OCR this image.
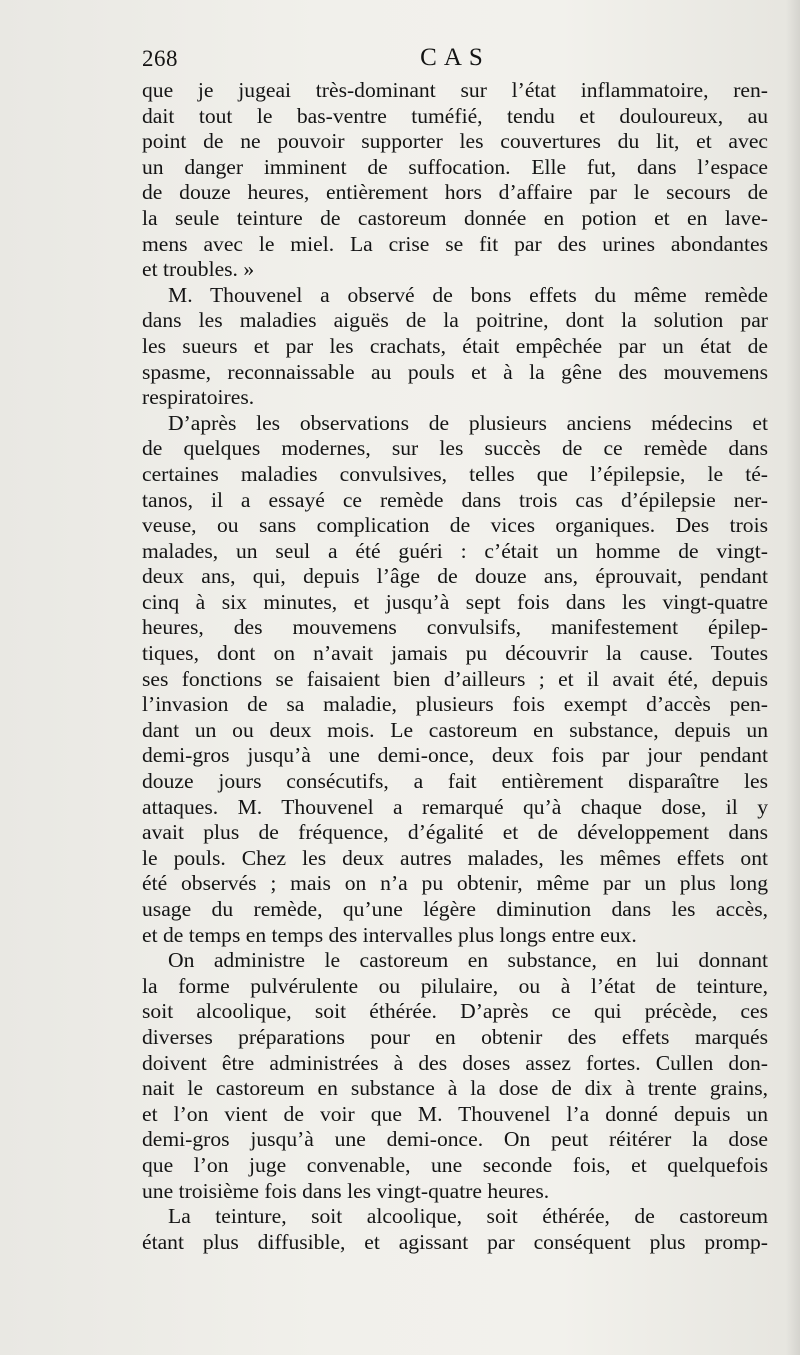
268	CAS
que je jugeai très-dominant sur l’état inflammatoire, ren-
dait tout le bas-ventre tuméfié, tendu et douloureux, au
point de ne pouvoir supporter les couvertures du lit, et avec
un danger imminent de suffocation. Elle fut, dans l’espace
de douze heures, entièrement hors d’affaire par le secours de
la seule teinture de castoreum donnée en potion et en lave-
mens avec le miel. La crise se fit par des urines abondantes
et troubles. »
M. Thouvenel a observé de bons effets du même remède
dans les maladies aiguës de la poitrine, dont la solution par
les sueurs et par les crachats, était empêchée par un état de
spasme, reconnaissable au pouls et à la gêne des mouvemens
respiratoires.
D’après les observations de plusieurs anciens médecins et
de quelques modernes, sur les succès de ce remède dans
certaines maladies convulsives, telles que l’épilepsie, le té-
tanos, il a essayé ce remède dans trois cas d’épilepsie ner-
veuse, ou sans complication de vices organiques. Des trois
malades, un seul a été guéri : c’était un homme de vingt-
deux ans, qui, depuis l’âge de douze ans, éprouvait, pendant
cinq à six minutes, et jusqu’à sept fois dans les vingt-quatre
heures, des mouvemens convulsifs, manifestement épilep-
tiques, dont on n’avait jamais pu découvrir la cause. Toutes
ses fonctions se faisaient bien d’ailleurs ; et il avait été, depuis
l’invasion de sa maladie, plusieurs fois exempt d’accès pen-
dant un ou deux mois. Le castoreum en substance, depuis un
demi-gros jusqu’à une demi-once, deux fois par jour pendant
douze jours consécutifs, a fait entièrement disparaître les
attaques. M. Thouvenel a remarqué qu’à chaque dose, il y
avait plus de fréquence, d’égalité et de développement dans
le pouls. Chez les deux autres malades, les mêmes effets ont
été observés ; mais on n’a pu obtenir, même par un plus long
usage du remède, qu’une légère diminution dans les accès,
et de temps en temps des intervalles plus longs entre eux.
On administre le castoreum en substance, en lui donnant
la forme pulvérulente ou pilulaire, ou à l’état de teinture,
soit alcoolique, soit éthérée. D’après ce qui précède, ces
diverses préparations pour en obtenir des effets marqués
doivent être administrées à des doses assez fortes. Cullen don-
nait le castoreum en substance à la dose de dix à trente grains,
et l’on vient de voir que M. Thouvenel l’a donné depuis un
demi-gros jusqu’à une demi-once. On peut réitérer la dose
que l’on juge convenable, une seconde fois, et quelquefois
une troisième fois dans les vingt-quatre heures.
La teinture, soit alcoolique, soit éthérée, de castoreum
étant plus diffusible, et agissant par conséquent plus promp-
